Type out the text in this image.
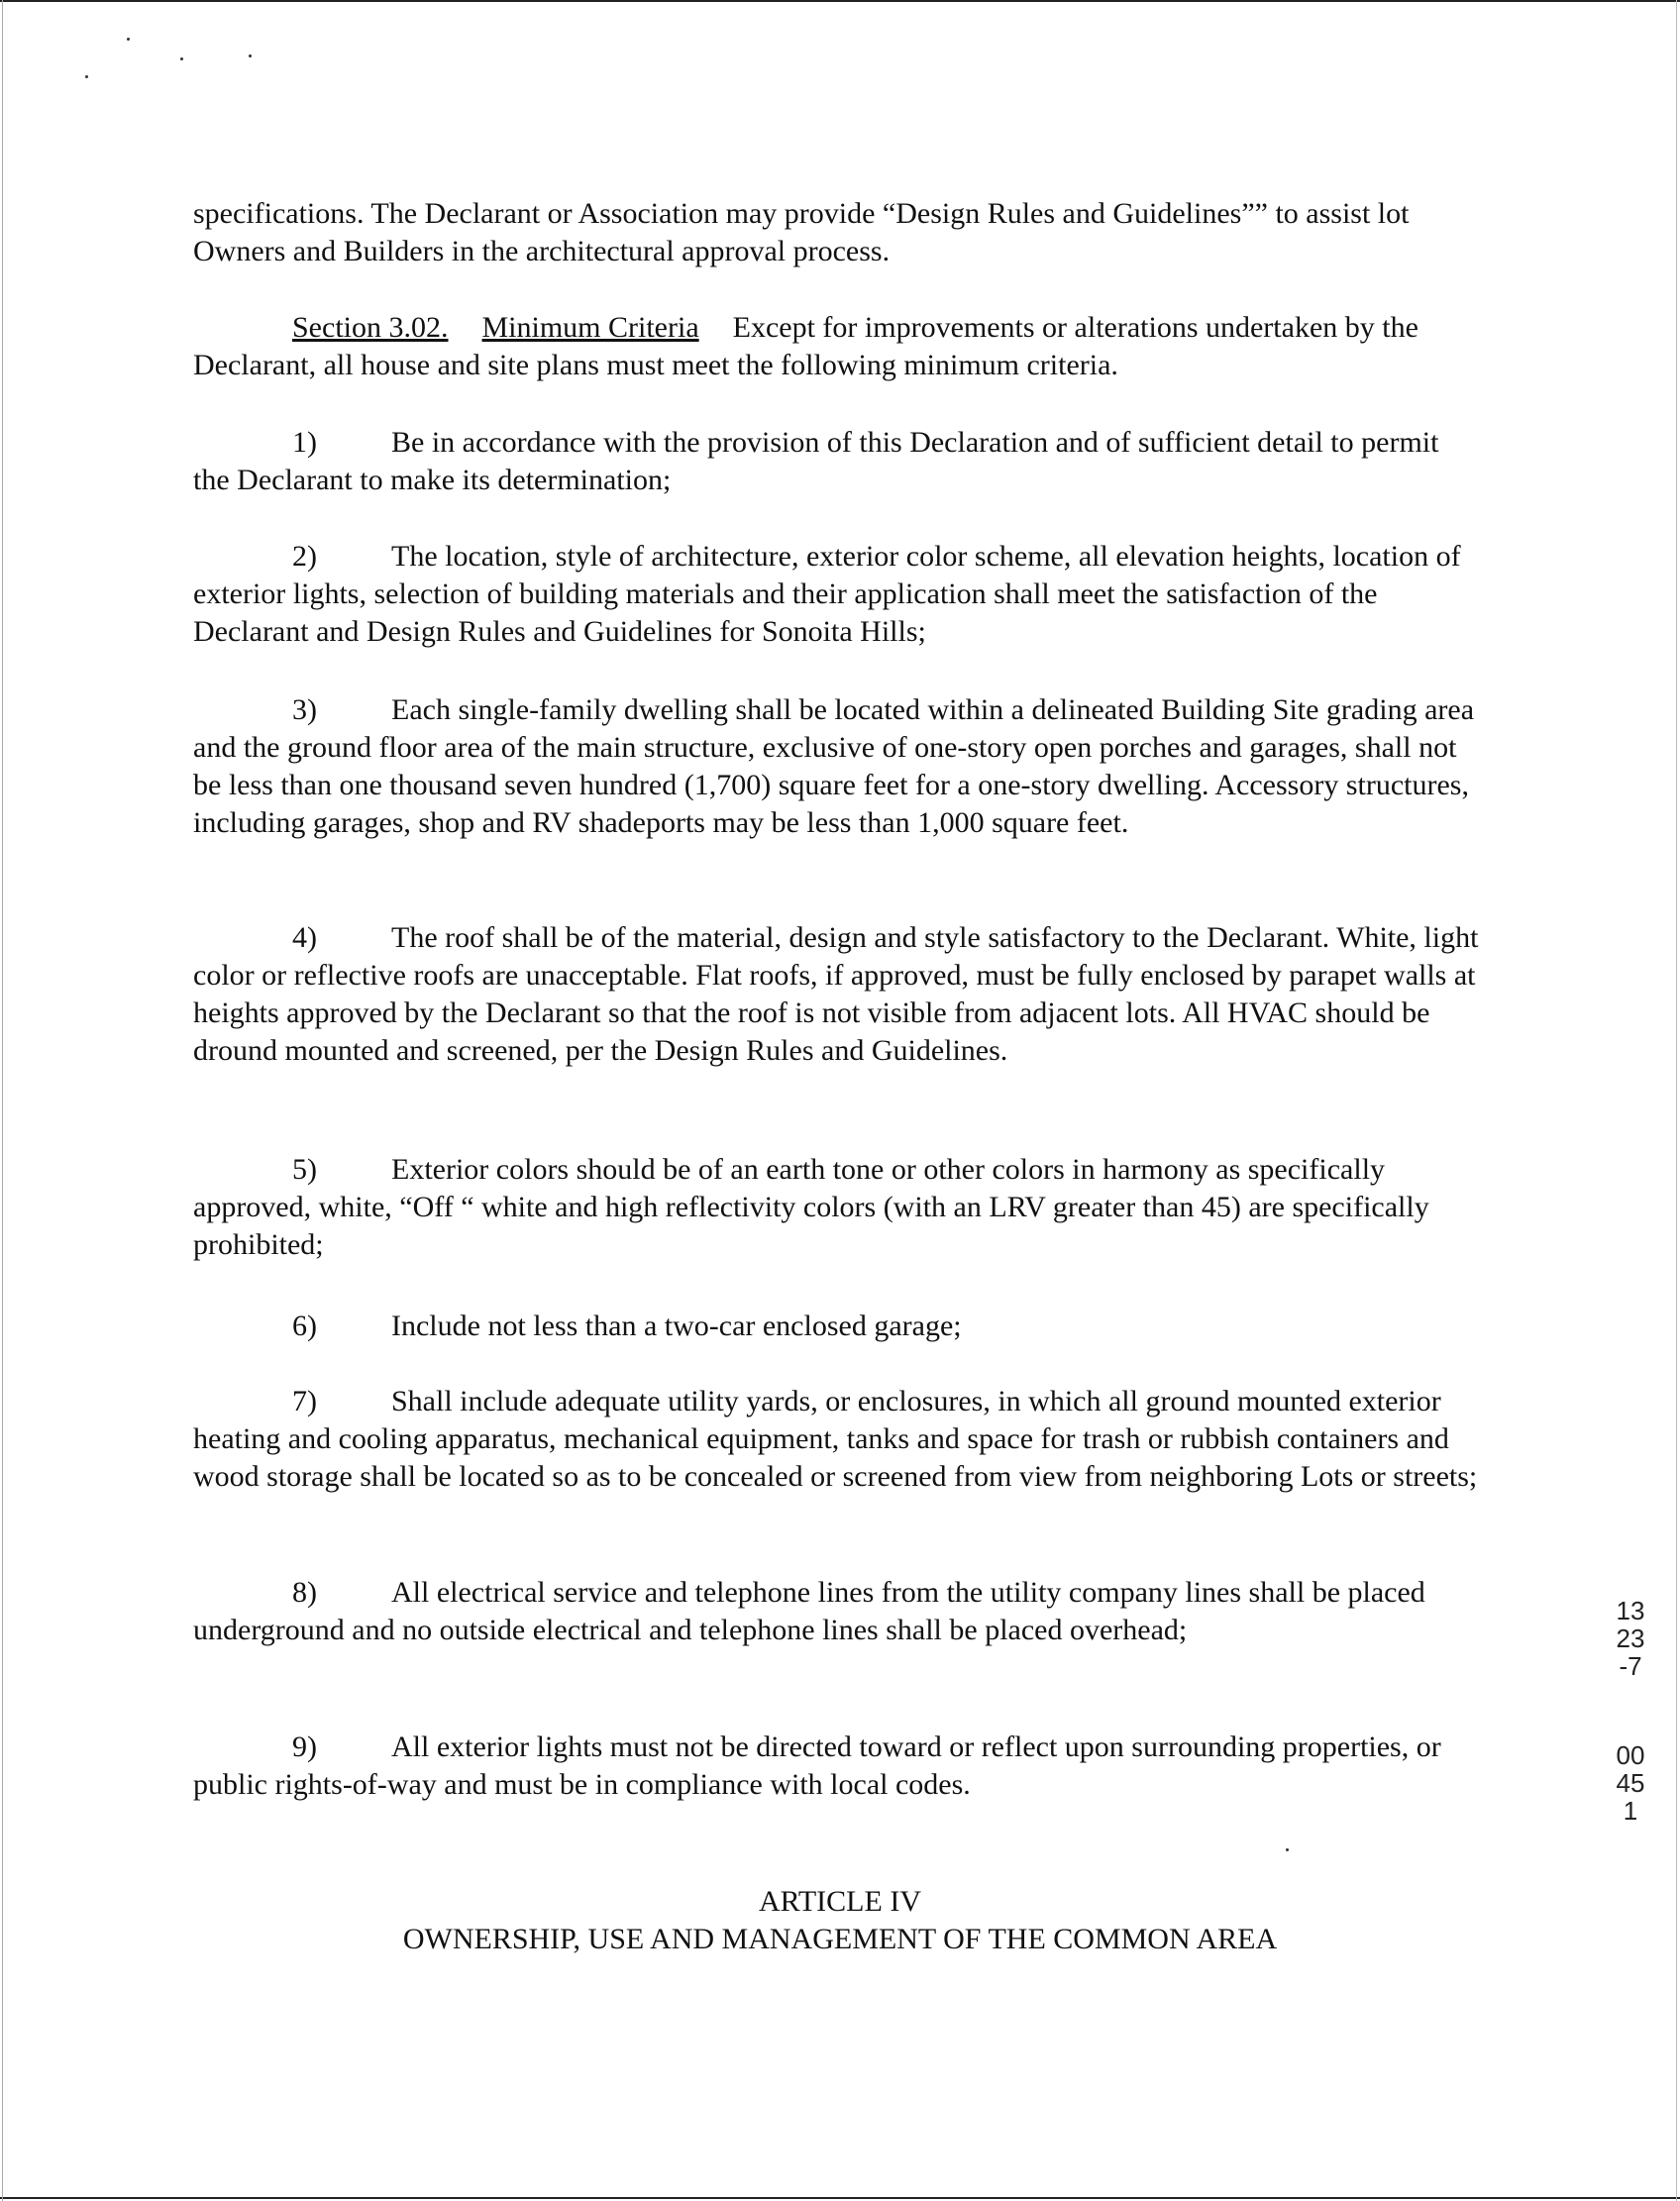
specifications. The Declarant or Association may provide “Design Rules and Guidelines”” to assist lot Owners and Builders in the architectural approval process.

Section 3.02. Minimum Criteria Except for improvements or alterations undertaken by the Declarant, all house and site plans must meet the following minimum criteria.

1)	Be in accordance with the provision of this Declaration and of sufficient detail to permit the Declarant to make its determination;

2)	The location, style of architecture, exterior color scheme, all elevation heights, location of exterior lights, selection of building materials and their application shall meet the satisfaction of the Declarant and Design Rules and Guidelines for Sonoita Hills;

3)	Each single-family dwelling shall be located within a delineated Building Site grading area and the ground floor area of the main structure, exclusive of one-story open porches and garages, shall not be less than one thousand seven hundred (1,700) square feet for a one-story dwelling. Accessory structures, including garages, shop and RV shadeports may be less than 1,000 square feet.

4)	The roof shall be of the material, design and style satisfactory to the Declarant. White, light color or reflective roofs are unacceptable. Flat roofs, if approved, must be fully enclosed by parapet walls at heights approved by the Declarant so that the roof is not visible from adjacent lots. All HVAC should be dround mounted and screened, per the Design Rules and Guidelines.

5)	Exterior colors should be of an earth tone or other colors in harmony as specifically approved, white, “Off “ white and high reflectivity colors (with an LRV greater than 45) are specifically prohibited;

6)	Include not less than a two-car enclosed garage;

7)	Shall include adequate utility yards, or enclosures, in which all ground mounted exterior heating and cooling apparatus, mechanical equipment, tanks and space for trash or rubbish containers and wood storage shall be located so as to be concealed or screened from view from neighboring Lots or streets;

8)	All electrical service and telephone lines from the utility company lines shall be placed underground and no outside electrical and telephone lines shall be placed overhead;

9)	All exterior lights must not be directed toward or reflect upon surrounding properties, or public rights-of-way and must be in compliance with local codes.

ARTICLE IV

OWNERSHIP, USE AND MANAGEMENT OF THE COMMON AREA

1323-7
00451
